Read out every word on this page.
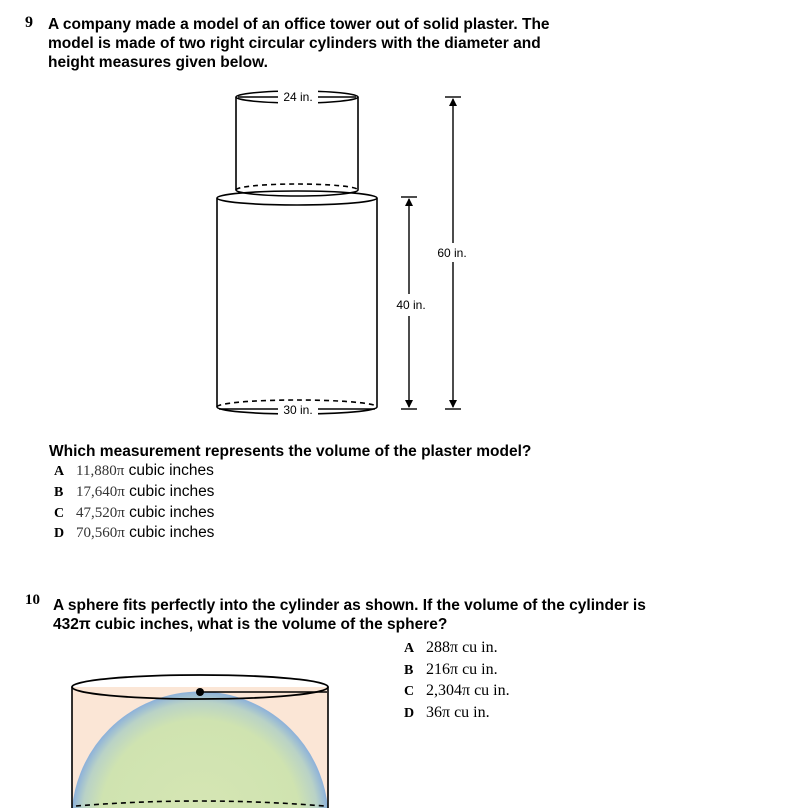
9 A company made a model of an office tower out of solid plaster. The
model is made of two right circular cylinders with the diameter and
height measures given below.
24 in.
30 in.
40 in.
60 in.
Which measurement represents the volume of the plaster model?
A 11,880π cubic inches
B 17,640π cubic inches
C 47,520π cubic inches
D 70,560π cubic inches
10 A sphere fits perfectly into the cylinder as shown. If the volume of the cylinder is
432π cubic inches, what is the volume of the sphere?
A 288π cu in.
B 216π cu in.
C 2,304π cu in.
D 36π cu in.
